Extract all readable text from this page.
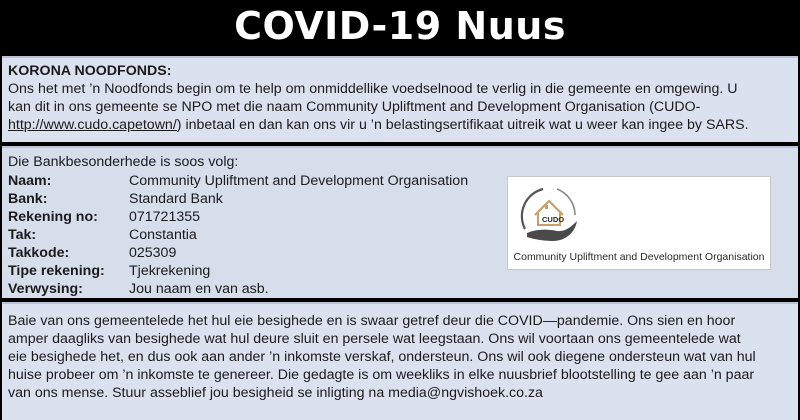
COVID-19 Nuus
KORONA NOODFONDS:
Ons het met ’n Noodfonds begin om te help om onmiddellike voedselnood te verlig in die gemeente en omgewing. U
kan dit in ons gemeente se NPO met die naam Community Upliftment and Development Organisation (CUDO-
http://www.cudo.capetown/) inbetaal en dan kan ons vir u ’n belastingsertifikaat uitreik wat u weer kan ingee by SARS.
Die Bankbesonderhede is soos volg:
Naam:	Community Upliftment and Development Organisation
Bank:	Standard Bank
Rekening no: 071721355
Tak:	Constantia
Takkode:	025309
Tipe rekening: Tjekrekening
Verwysing:	Jou naam en van asb.
CUDO
Community Upliftment and Development Organisation
Baie van ons gemeentelede het hul eie besighede en is swaar getref deur die COVID—pandemie. Ons sien en hoor
amper daagliks van besighede wat hul deure sluit en persele wat leegstaan. Ons wil voortaan ons gemeentelede wat
eie besighede het, en dus ook aan ander ’n inkomste verskaf, ondersteun. Ons wil ook diegene ondersteun wat van hul
huise probeer om ’n inkomste te genereer. Die gedagte is om weekliks in elke nuusbrief blootstelling te gee aan ’n paar
van ons mense. Stuur asseblief jou besigheid se inligting na media@ngvishoek.co.za
